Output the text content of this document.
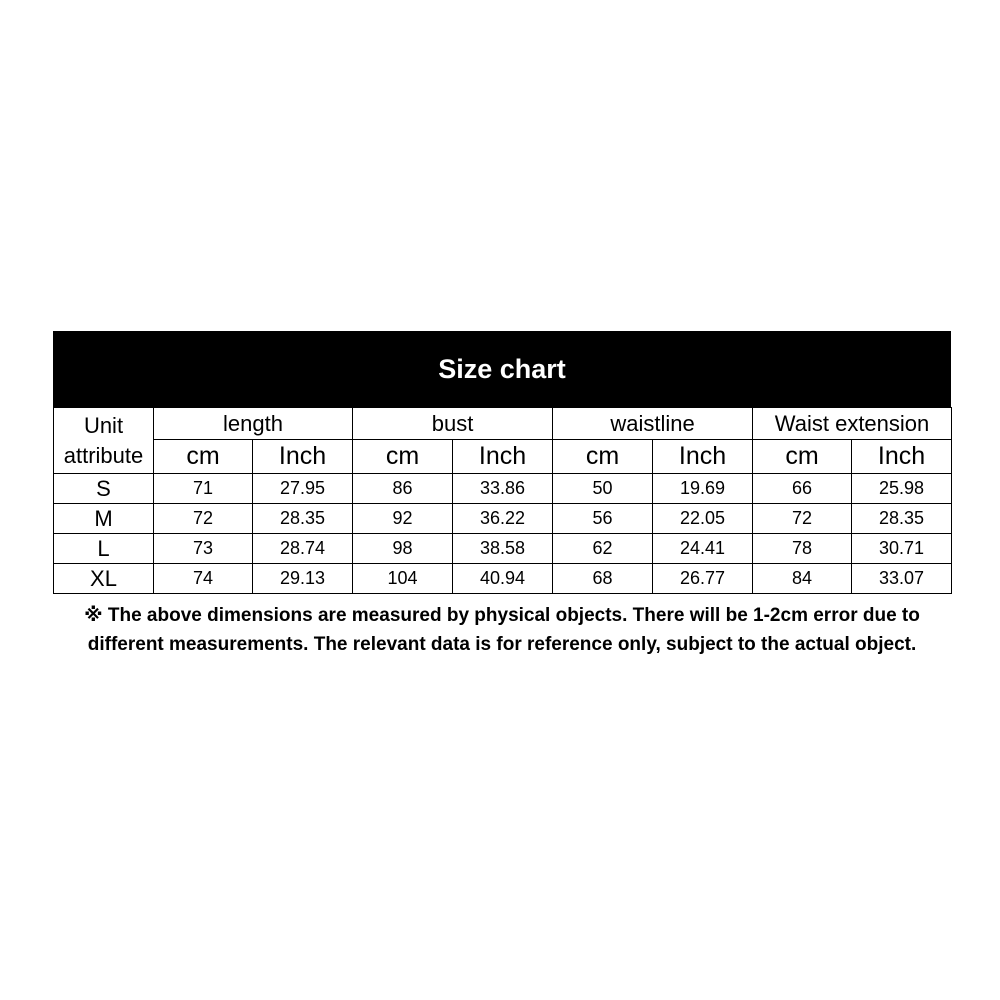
Size chart
Unit
attribute	length		bust		waistline		Waist extension	
	cm	Inch	cm	Inch	cm	Inch	cm	Inch
S	71	27.95	86	33.86	50	19.69	66	25.98
M	72	28.35	92	36.22	56	22.05	72	28.35
L	73	28.74	98	38.58	62	24.41	78	30.71
XL	74	29.13	104	40.94	68	26.77	84	33.07
※ The above dimensions are measured by physical objects. There will be 1-2cm error due to different measurements. The relevant data is for reference only, subject to the actual object.
